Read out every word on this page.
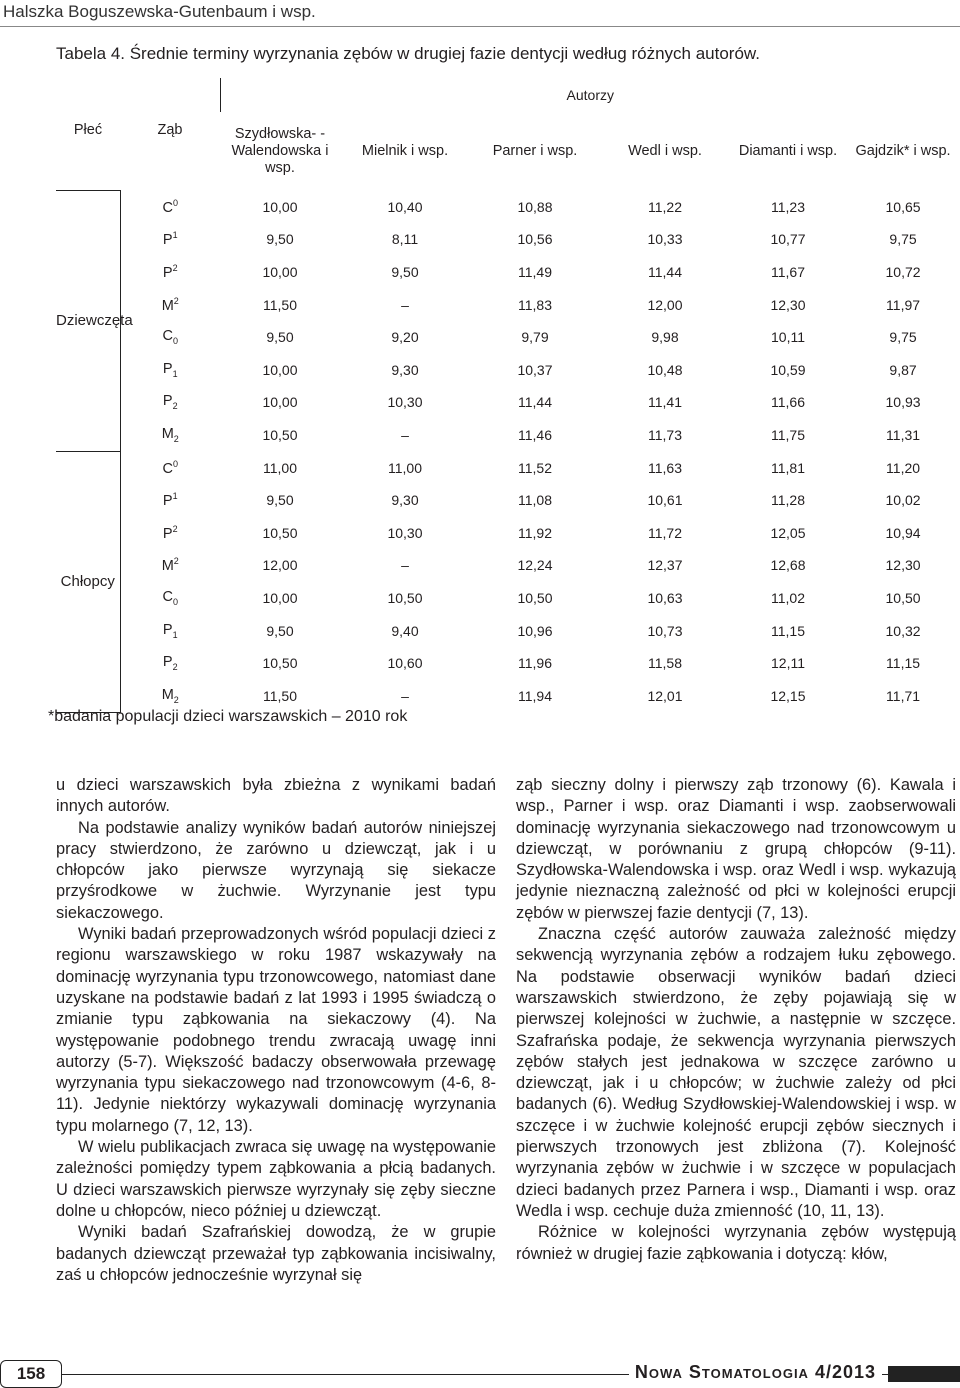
Halszka Boguszewska-Gutenbaum i wsp.
Tabela 4. Średnie terminy wyrzynania zębów w drugiej fazie dentycji według różnych autorów.
		Autorzy					
Płeć	Ząb	Szydłowska- -Walendowska i wsp.	Mielnik i wsp.	Parner i wsp.	Wedl i wsp.	Diamanti i wsp.	Gajdzik* i wsp.
Dziewczęta	$C^0$	10,00	10,40	10,88	11,22	11,23	10,65
	$P^1$	9,50	8,11	10,56	10,33	10,77	9,75
	$P^2$	10,00	9,50	11,49	11,44	11,67	10,72
	$M^2$	11,50	–	11,83	12,00	12,30	11,97
	$C_0$	9,50	9,20	9,79	9,98	10,11	9,75
	$P_1$	10,00	9,30	10,37	10,48	10,59	9,87
	$P_2$	10,00	10,30	11,44	11,41	11,66	10,93
	$M_2$	10,50	–	11,46	11,73	11,75	11,31
Chłopcy	$C^0$	11,00	11,00	11,52	11,63	11,81	11,20
	$P^1$	9,50	9,30	11,08	10,61	11,28	10,02
	$P^2$	10,50	10,30	11,92	11,72	12,05	10,94
	$M^2$	12,00	–	12,24	12,37	12,68	12,30
	$C_0$	10,00	10,50	10,50	10,63	11,02	10,50
	$P_1$	9,50	9,40	10,96	10,73	11,15	10,32
	$P_2$	10,50	10,60	11,96	11,58	12,11	11,15
	$M_2$	11,50	–	11,94	12,01	12,15	11,71
*badania populacji dzieci warszawskich – 2010 rok

u dzieci warszawskich była zbieżna z wynikami badań innych autorów.

Na podstawie analizy wyników badań autorów niniejszej pracy stwierdzono, że zarówno u dziewcząt, jak i u chłopców jako pierwsze wyrzynają się siekacze przyśrodkowe w żuchwie. Wyrzynanie jest typu siekaczowego.

Wyniki badań przeprowadzonych wśród populacji dzieci z regionu warszawskiego w roku 1987 wskazywały na dominację wyrzynania typu trzonowcowego, natomiast dane uzyskane na podstawie badań z lat 1993 i 1995 świadczą o zmianie typu ząbkowania na siekaczowy (4). Na występowanie podobnego trendu zwracają uwagę inni autorzy (5-7). Większość badaczy obserwowała przewagę wyrzynania typu siekaczowego nad trzonowcowym (4-6, 8-11). Jedynie niektórzy wykazywali dominację wyrzynania typu molarnego (7, 12, 13).

W wielu publikacjach zwraca się uwagę na występowanie zależności pomiędzy typem ząbkowania a płcią badanych. U dzieci warszawskich pierwsze wyrzynały się zęby sieczne dolne u chłopców, nieco później u dziewcząt.

Wyniki badań Szafrańskiej dowodzą, że w grupie badanych dziewcząt przeważał typ ząbkowania incisiwalny, zaś u chłopców jednocześnie wyrzynał się

ząb sieczny dolny i pierwszy ząb trzonowy (6). Kawala i wsp., Parner i wsp. oraz Diamanti i wsp. zaobserwowali dominację wyrzynania siekaczowego nad trzonowcowym u dziewcząt, w porównaniu z grupą chłopców (9-11). Szydłowska-Walendowska i wsp. oraz Wedl i wsp. wykazują jedynie nieznaczną zależność od płci w kolejności erupcji zębów w pierwszej fazie dentycji (7, 13).

Znaczna część autorów zauważa zależność między sekwencją wyrzynania zębów a rodzajem łuku zębowego. Na podstawie obserwacji wyników badań dzieci warszawskich stwierdzono, że zęby pojawiają się w pierwszej kolejności w żuchwie, a następnie w szczęce. Szafrańska podaje, że sekwencja wyrzynania pierwszych zębów stałych jest jednakowa w szczęce zarówno u dziewcząt, jak i u chłopców; w żuchwie zależy od płci badanych (6). Według Szydłowskiej-Walendowskiej i wsp. w szczęce i w żuchwie kolejność erupcji zębów siecznych i pierwszych trzonowych jest zbliżona (7). Kolejność wyrzynania zębów w żuchwie i w szczęce w populacjach dzieci badanych przez Parnera i wsp., Diamanti i wsp. oraz Wedla i wsp. cechuje duża zmienność (10, 11, 13).

Różnice w kolejności wyrzynania zębów występują również w drugiej fazie ząbkowania i dotyczą: kłów,

158	Nowa Stomatologia 4/2013
